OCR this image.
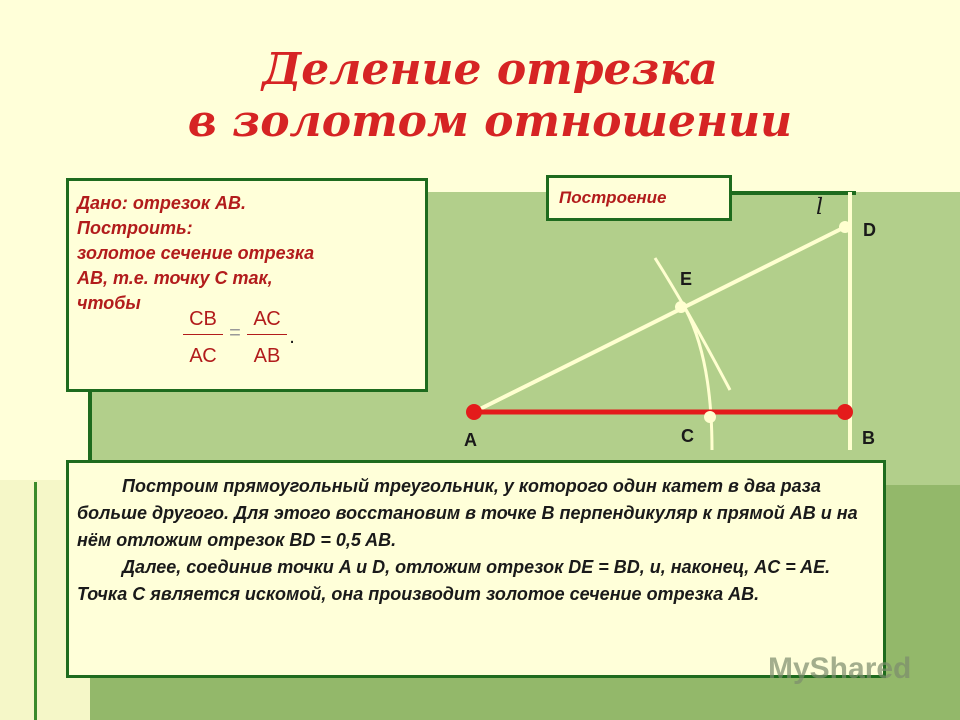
Деление отрезка
в золотом отношении
Дано: отрезок АВ.
Построить:
золотое сечение отрезка
АВ, т.е. точку С так,
чтобы
СВ
АС
=
АС
АВ
.
Построение
A	B
C
D
E
l

Построим прямоугольный треугольник, у которого один катет в два раза больше другого. Для этого восстановим в точке B перпендикуляр к прямой AB и на нём отложим отрезок BD = 0,5 AB.

Далее, соединив точки A и D, отложим отрезок DE = BD, и, наконец, AC = AE. Точка C является искомой, она производит золотое сечение отрезка AB.

MyShared
